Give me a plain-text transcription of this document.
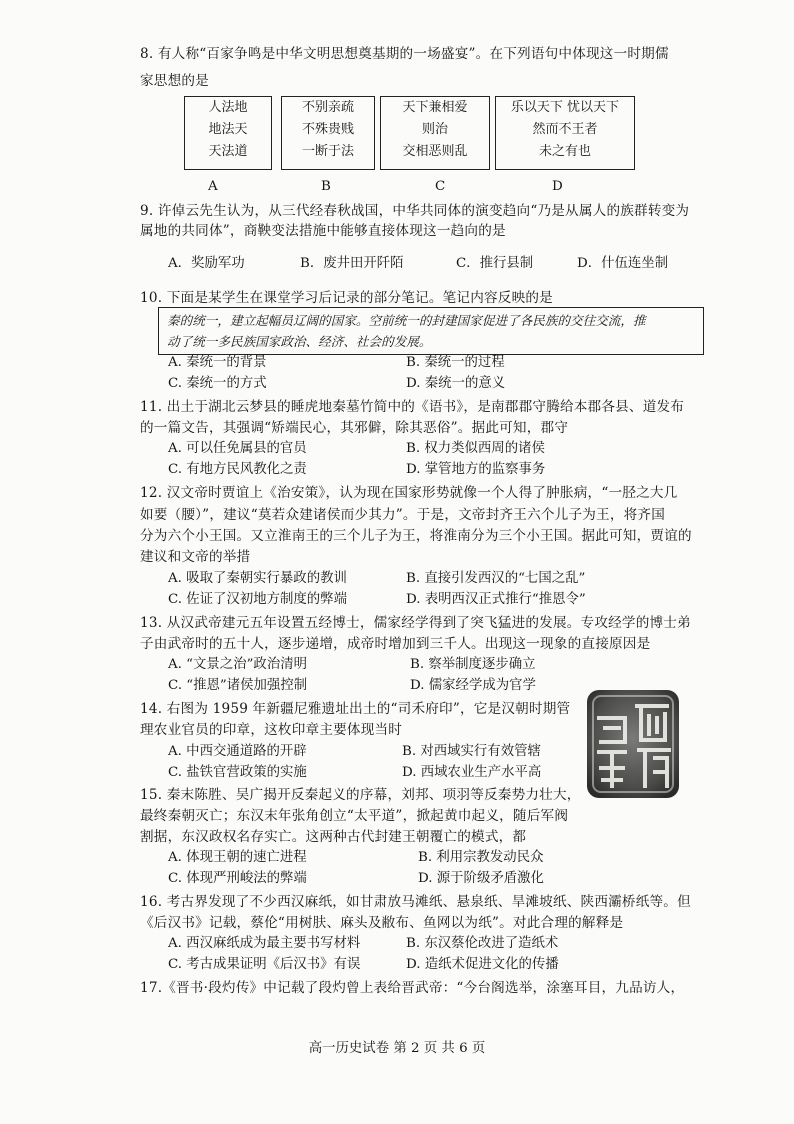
8. 有人称“百家争鸣是中华文明思想奠基期的一场盛宴”。在下列语句中体现这一时期儒
家思想的是
人法地
地法天
天法道
不别亲疏
不殊贵贱
一断于法
天下兼相爱
则治
交相恶则乱
乐以天下 忧以天下
然而不王者
未之有也
A	B	C	D
9. 许倬云先生认为，从三代经春秋战国，中华共同体的演变趋向“乃是从属人的族群转变为
属地的共同体”，商鞅变法措施中能够直接体现这一趋向的是
A．奖励军功	B．废井田开阡陌	C．推行县制	D．什伍连坐制
10. 下面是某学生在课堂学习后记录的部分笔记。笔记内容反映的是
秦的统一，建立起幅员辽阔的国家。空前统一的封建国家促进了各民族的交往交流，推
动了统一多民族国家政治、经济、社会的发展。
A. 秦统一的背景	B. 秦统一的过程
C. 秦统一的方式	D. 秦统一的意义
11. 出土于湖北云梦县的睡虎地秦墓竹简中的《语书》，是南郡郡守腾给本郡各县、道发布
的一篇文告，其强调“矫端民心，其邪僻，除其恶俗”。据此可知，郡守
A. 可以任免属县的官员	B. 权力类似西周的诸侯
C. 有地方民风教化之责	D. 掌管地方的监察事务
12. 汉文帝时贾谊上《治安策》，认为现在国家形势就像一个人得了肿胀病，“一胫之大几
如要（腰）”，建议“莫若众建诸侯而少其力”。于是，文帝封齐王六个儿子为王，将齐国
分为六个小王国。又立淮南王的三个儿子为王，将淮南分为三个小王国。据此可知，贾谊的
建议和文帝的举措
A. 吸取了秦朝实行暴政的教训	B. 直接引发西汉的“七国之乱”
C. 佐证了汉初地方制度的弊端	D. 表明西汉正式推行“推恩令”
13. 从汉武帝建元五年设置五经博士，儒家经学得到了突飞猛进的发展。专攻经学的博士弟
子由武帝时的五十人，逐步递增，成帝时增加到三千人。出现这一现象的直接原因是
A. “文景之治”政治清明	B. 察举制度逐步确立
C. “推恩”诸侯加强控制	D. 儒家经学成为官学
14. 右图为 1959 年新疆尼雅遗址出土的“司禾府印”，它是汉朝时期管
理农业官员的印章，这枚印章主要体现当时
A. 中西交通道路的开辟	B. 对西域实行有效管辖
C. 盐铁官营政策的实施	D. 西域农业生产水平高
15. 秦末陈胜、吴广揭开反秦起义的序幕，刘邦、项羽等反秦势力壮大，
最终秦朝灭亡；东汉末年张角创立“太平道”，掀起黄巾起义，随后军阀
割据，东汉政权名存实亡。这两种古代封建王朝覆亡的模式，都
A. 体现王朝的速亡进程	B. 利用宗教发动民众
C. 体现严刑峻法的弊端	D. 源于阶级矛盾激化
16. 考古界发现了不少西汉麻纸，如甘肃放马滩纸、悬泉纸、旱滩坡纸、陕西灞桥纸等。但
《后汉书》记载，蔡伦“用树肤、麻头及敝布、鱼网以为纸”。对此合理的解释是
A. 西汉麻纸成为最主要书写材料	B. 东汉蔡伦改进了造纸术
C. 考古成果证明《后汉书》有误	D. 造纸术促进文化的传播
17.《晋书·段灼传》中记载了段灼曾上表给晋武帝：“今台阁选举，涂塞耳目，九品访人，
高一历史试卷 第 2 页 共 6 页
